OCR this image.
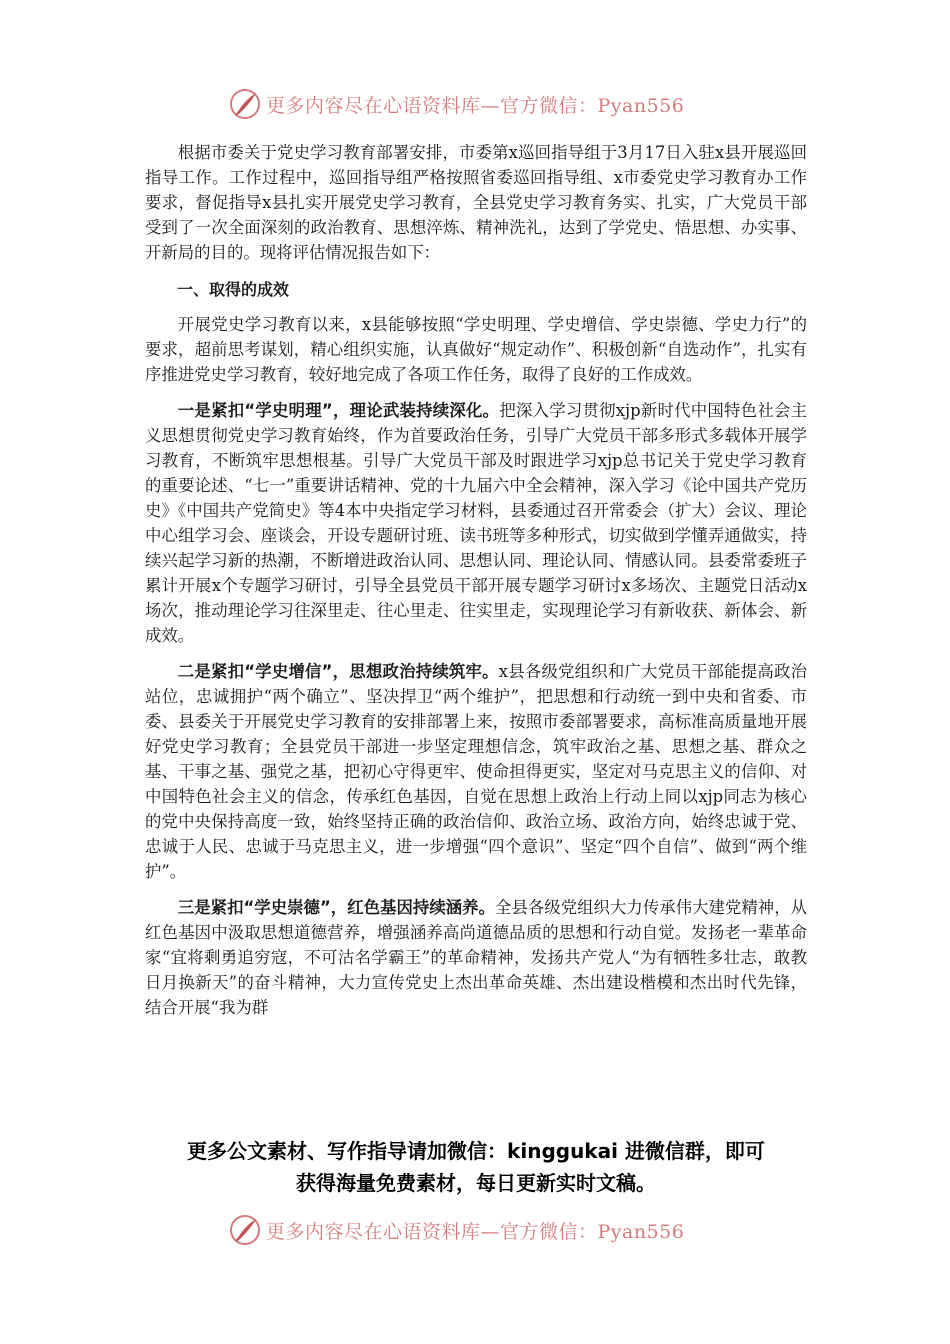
更多内容尽在心语资料库—官方微信：Pyan556

根据市委关于党史学习教育部署安排，市委第x巡回指导组于3月17日入驻x县开展巡回指导工作。工作过程中，巡回指导组严格按照省委巡回指导组、x市委党史学习教育办工作要求，督促指导x县扎实开展党史学习教育，全县党史学习教育务实、扎实，广大党员干部受到了一次全面深刻的政治教育、思想淬炼、精神洗礼，达到了学党史、悟思想、办实事、开新局的目的。现将评估情况报告如下：

一、取得的成效

开展党史学习教育以来，x县能够按照“学史明理、学史增信、学史崇德、学史力行”的要求，超前思考谋划，精心组织实施，认真做好“规定动作”、积极创新“自选动作”，扎实有序推进党史学习教育，较好地完成了各项工作任务，取得了良好的工作成效。

一是紧扣“学史明理”，理论武装持续深化。把深入学习贯彻xjp新时代中国特色社会主义思想贯彻党史学习教育始终，作为首要政治任务，引导广大党员干部多形式多载体开展学习教育，不断筑牢思想根基。引导广大党员干部及时跟进学习xjp总书记关于党史学习教育的重要论述、“七一”重要讲话精神、党的十九届六中全会精神，深入学习《论中国共产党历史》《中国共产党简史》等4本中央指定学习材料，县委通过召开常委会（扩大）会议、理论中心组学习会、座谈会，开设专题研讨班、读书班等多种形式，切实做到学懂弄通做实，持续兴起学习新的热潮，不断增进政治认同、思想认同、理论认同、情感认同。县委常委班子累计开展x个专题学习研讨，引导全县党员干部开展专题学习研讨x多场次、主题党日活动x场次，推动理论学习往深里走、往心里走、往实里走，实现理论学习有新收获、新体会、新成效。

二是紧扣“学史增信”，思想政治持续筑牢。x县各级党组织和广大党员干部能提高政治站位，忠诚拥护“两个确立”、坚决捍卫“两个维护”，把思想和行动统一到中央和省委、市委、县委关于开展党史学习教育的安排部署上来，按照市委部署要求，高标准高质量地开展好党史学习教育；全县党员干部进一步坚定理想信念，筑牢政治之基、思想之基、群众之基、干事之基、强党之基，把初心守得更牢、使命担得更实，坚定对马克思主义的信仰、对中国特色社会主义的信念，传承红色基因，自觉在思想上政治上行动上同以xjp同志为核心的党中央保持高度一致，始终坚持正确的政治信仰、政治立场、政治方向，始终忠诚于党、忠诚于人民、忠诚于马克思主义，进一步增强“四个意识”、坚定“四个自信”、做到“两个维护”。

三是紧扣“学史崇德”，红色基因持续涵养。全县各级党组织大力传承伟大建党精神，从红色基因中汲取思想道德营养，增强涵养高尚道德品质的思想和行动自觉。发扬老一辈革命家“宜将剩勇追穷寇，不可沽名学霸王”的革命精神，发扬共产党人“为有牺牲多壮志，敢教日月换新天”的奋斗精神，大力宣传党史上杰出革命英雄、杰出建设楷模和杰出时代先锋，结合开展“我为群

更多公文素材、写作指导请加微信：kinggukai 进微信群，即可
获得海量免费素材，每日更新实时文稿。
更多内容尽在心语资料库—官方微信：Pyan556
